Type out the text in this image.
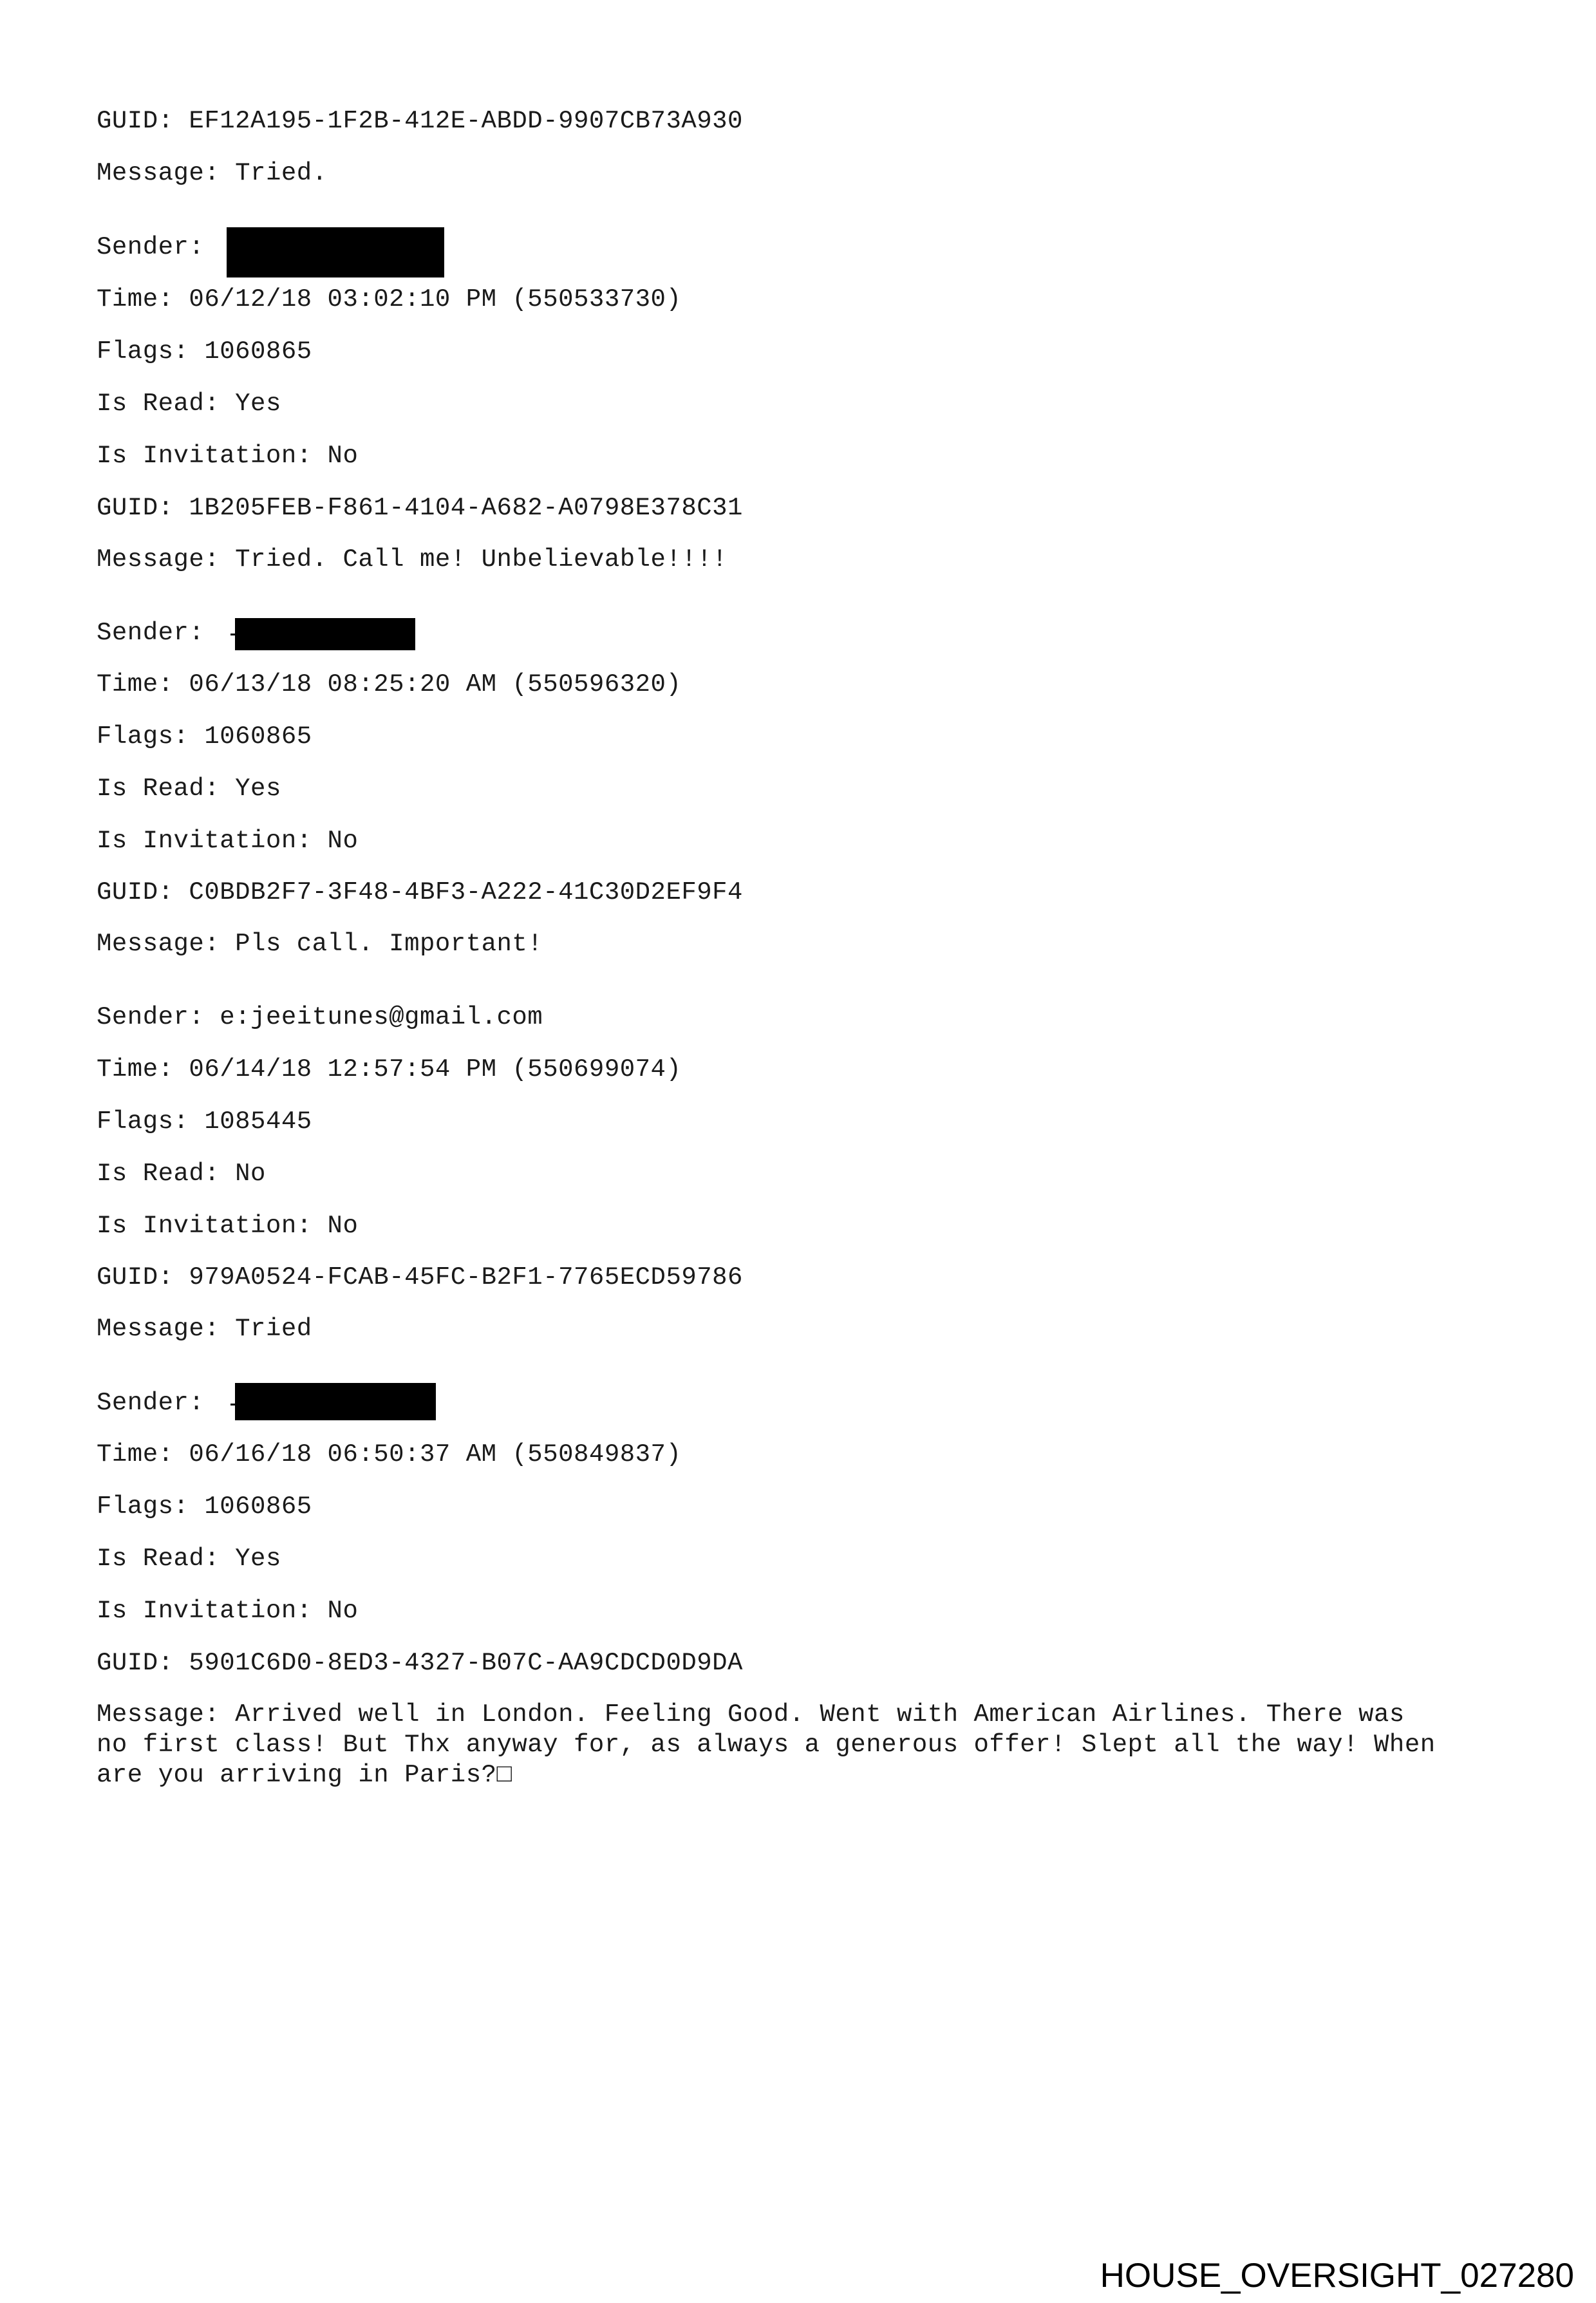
GUID: EF12A195-1F2B-412E-ABDD-9907CB73A930
Message: Tried.
Sender:
Time: 06/12/18 03:02:10 PM (550533730)
Flags: 1060865
Is Read: Yes
Is Invitation: No
GUID: 1B205FEB-F861-4104-A682-A0798E378C31
Message: Tried. Call me! Unbelievable!!!!
Sender:
Time: 06/13/18 08:25:20 AM (550596320)
Flags: 1060865
Is Read: Yes
Is Invitation: No
GUID: C0BDB2F7-3F48-4BF3-A222-41C30D2EF9F4
Message: Pls call. Important!
Sender: e:jeeitunes@gmail.com
Time: 06/14/18 12:57:54 PM (550699074)
Flags: 1085445
Is Read: No
Is Invitation: No
GUID: 979A0524-FCAB-45FC-B2F1-7765ECD59786
Message: Tried
Sender:
Time: 06/16/18 06:50:37 AM (550849837)
Flags: 1060865
Is Read: Yes
Is Invitation: No
GUID: 5901C6D0-8ED3-4327-B07C-AA9CDCD0D9DA
Message: Arrived well in London. Feeling Good. Went with American Airlines. There was
no first class! But Thx anyway for, as always a generous offer! Slept all the way! When
are you arriving in Paris?□
HOUSE_OVERSIGHT_027280
